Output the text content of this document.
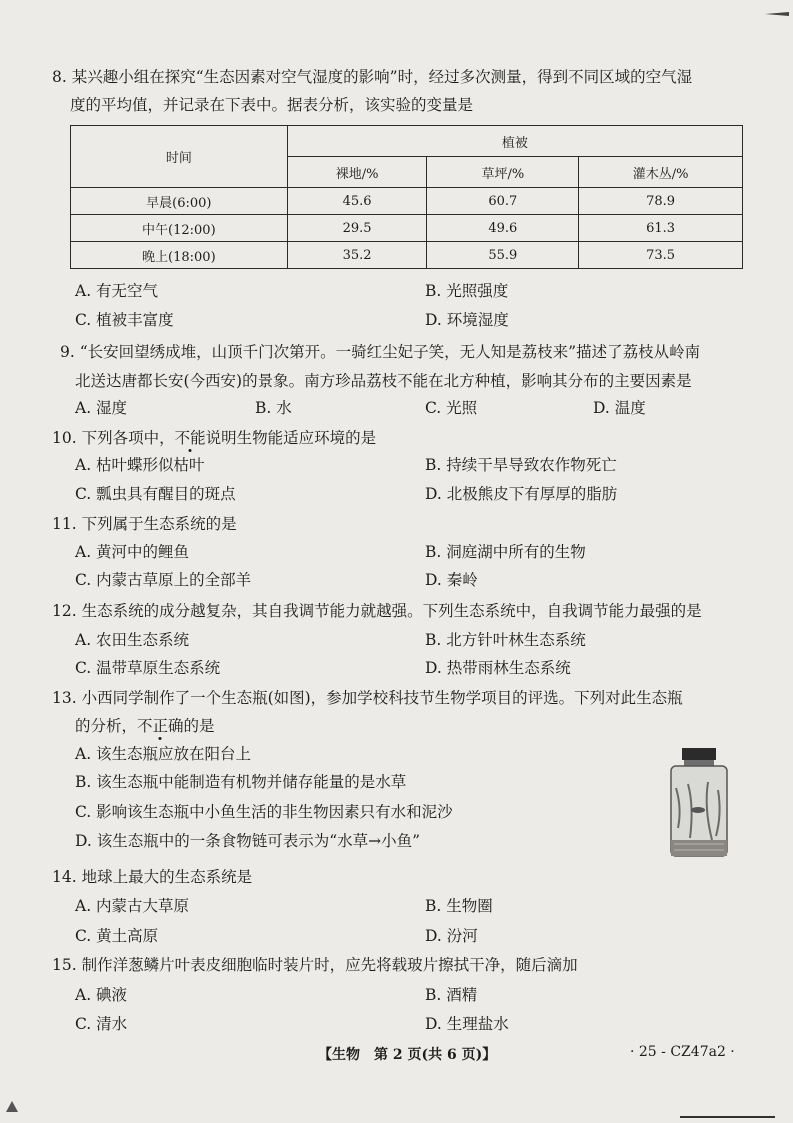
8. 某兴趣小组在探究“生态因素对空气湿度的影响”时，经过多次测量，得到不同区域的空气湿
度的平均值，并记录在下表中。据表分析，该实验的变量是
时间	植被		
	裸地/%	草坪/%	灌木丛/%
早晨(6:00)	45.6	60.7	78.9
中午(12:00)	29.5	49.6	61.3
晚上(18:00)	35.2	55.9	73.5
A. 有无空气	B. 光照强度
C. 植被丰富度	D. 环境湿度
9. “长安回望绣成堆，山顶千门次第开。一骑红尘妃子笑，无人知是荔枝来”描述了荔枝从岭南
北送达唐都长安(今西安)的景象。南方珍品荔枝不能在北方种植，影响其分布的主要因素是
A. 湿度	B. 水	C. 光照	D. 温度
10. 下列各项中，不能说明生物能适应环境的是
A. 枯叶蝶形似枯叶	B. 持续干旱导致农作物死亡
C. 瓢虫具有醒目的斑点	D. 北极熊皮下有厚厚的脂肪
11. 下列属于生态系统的是
A. 黄河中的鲤鱼	B. 洞庭湖中所有的生物
C. 内蒙古草原上的全部羊	D. 秦岭
12. 生态系统的成分越复杂，其自我调节能力就越强。下列生态系统中，自我调节能力最强的是
A. 农田生态系统	B. 北方针叶林生态系统
C. 温带草原生态系统	D. 热带雨林生态系统
13. 小西同学制作了一个生态瓶(如图)，参加学校科技节生物学项目的评选。下列对此生态瓶
的分析，不正确的是
A. 该生态瓶应放在阳台上
B. 该生态瓶中能制造有机物并储存能量的是水草
C. 影响该生态瓶中小鱼生活的非生物因素只有水和泥沙
D. 该生态瓶中的一条食物链可表示为“水草→小鱼”
14. 地球上最大的生态系统是
A. 内蒙古大草原	B. 生物圈
C. 黄土高原	D. 汾河
15. 制作洋葱鳞片叶表皮细胞临时装片时，应先将载玻片擦拭干净，随后滴加
A. 碘液	B. 酒精
C. 清水	D. 生理盐水
【生物　第 2 页(共 6 页)】	· 25 - CZ47a2 ·
